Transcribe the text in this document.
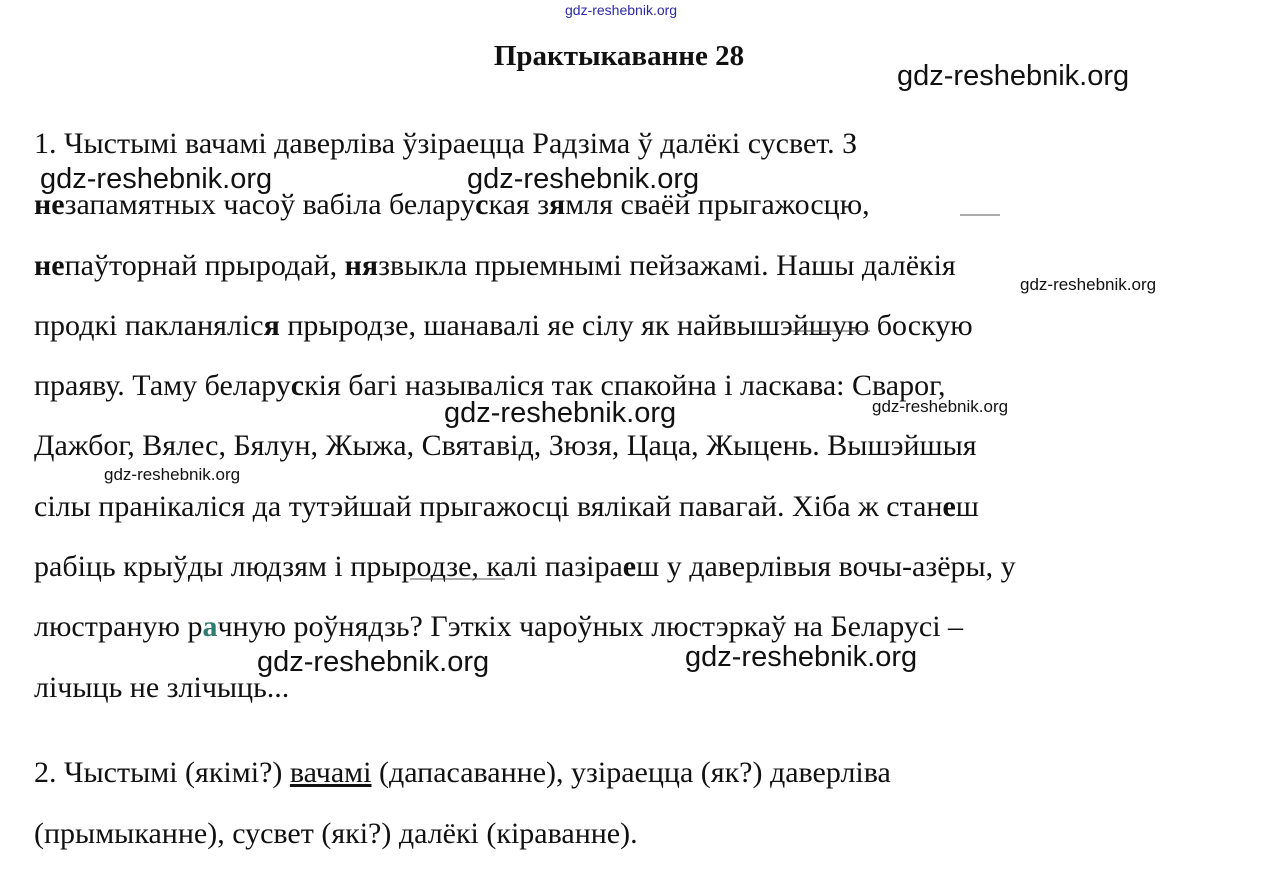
gdz-reshebnik.org
gdz-reshebnik.org
gdz-reshebnik.org	gdz-reshebnik.org
gdz-reshebnik.org
gdz-reshebnik.org	gdz-reshebnik.org
gdz-reshebnik.org
gdz-reshebnik.org	gdz-reshebnik.org
Практыкаванне 28

1. Чыстымі вачамі даверліва ўзіраецца Радзіма ў далёкі сусвет. З

незапамятных часоў вабіла беларуская зямля сваёй прыгажосцю,

непаўторнай прыродай, нязвыкла прыемнымі пейзажамі. Нашы далёкія

продкі пакланяліся прыродзе, шанавалі яе сілу як найвышэйшую боскую

праяву. Таму беларускія багі называліся так спакойна і ласкава: Сварог,

Дажбог, Вялес, Бялун, Жыжа, Святавід, Зюзя, Цаца, Жыцень. Вышэйшыя

сілы пранікаліся да тутэйшай прыгажосці вялікай павагай. Хіба ж станеш

рабіць крыўды людзям і прыродзе, калі пазіраеш у даверлівыя вочы-азёры, у

люстраную рачную роўнядзь? Гэткіх чароўных люстэркаў на Беларусі –

лічыць не злічыць...

2. Чыстымі (якімі?) вачамі (дапасаванне), узіраецца (як?) даверліва

(прымыканне), сусвет (які?) далёкі (кіраванне).
